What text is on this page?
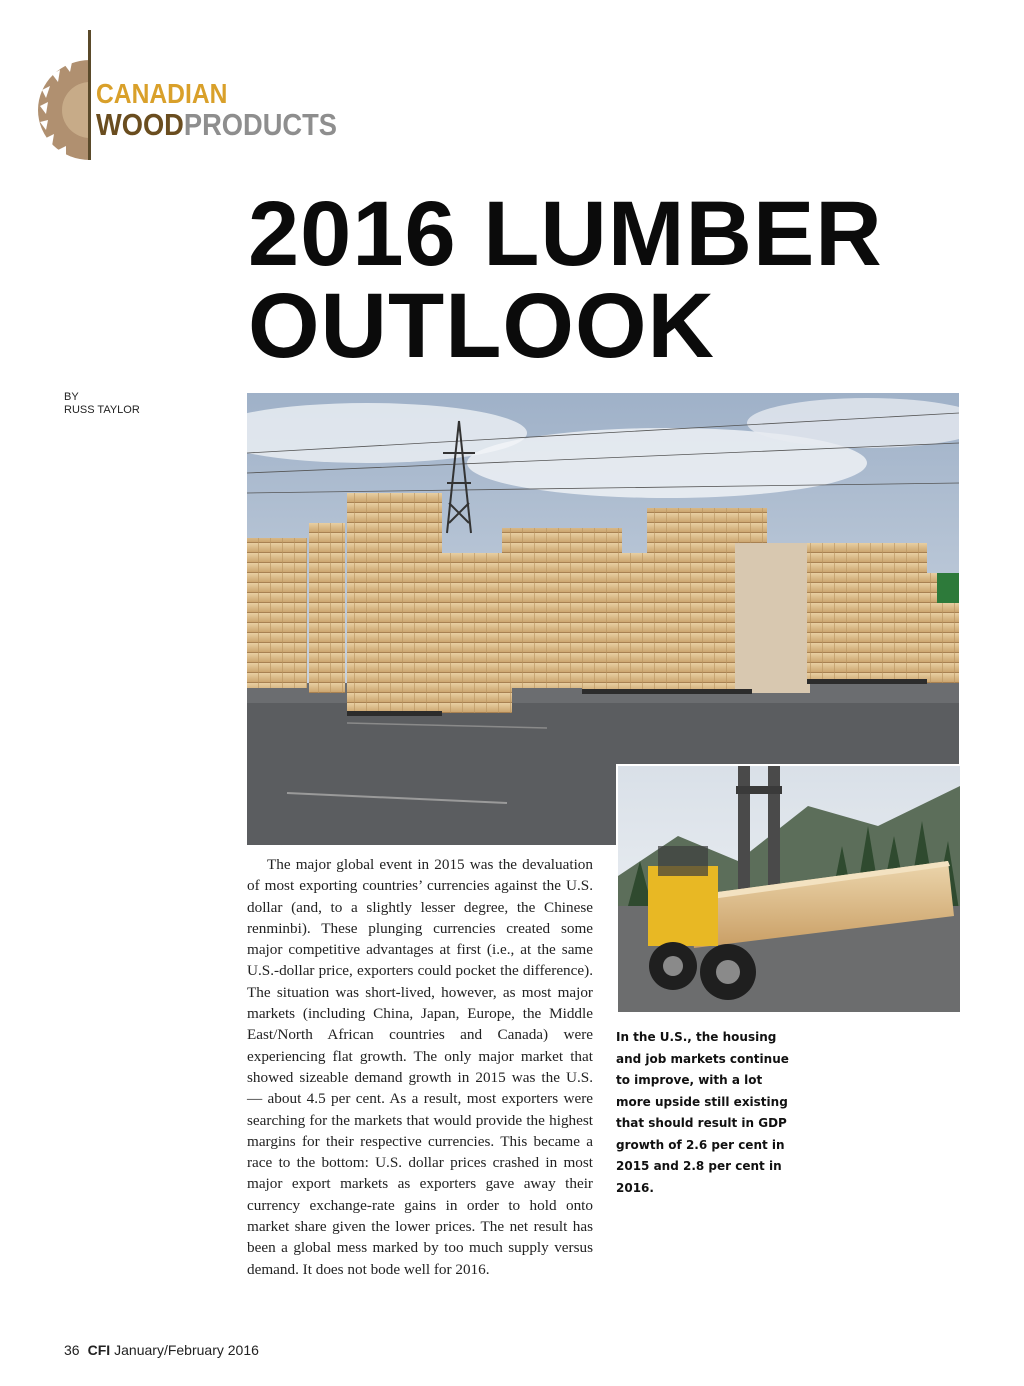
CANADIAN
WOODPRODUCTS
2016 LUMBER
OUTLOOK
BY
RUSS TAYLOR
The major global event in 2015 was the devaluation of most exporting countries’ currencies against the U.S. dollar (and, to a slightly lesser degree, the Chinese renminbi). These plunging currencies created some major competitive advantages at first (i.e., at the same U.S.-dollar price, exporters could pocket the difference). The situation was short-lived, however, as most major markets (including China, Japan, Europe, the Middle East/North African countries and Canada) were experiencing flat growth. The only major market that showed sizeable demand growth in 2015 was the U.S. — about 4.5 per cent. As a result, most exporters were searching for the markets that would provide the highest margins for their respective currencies. This became a race to the bottom: U.S. dollar prices crashed in most major export markets as exporters gave away their currency exchange-rate gains in order to hold onto market share given the lower prices. The net result has been a global mess marked by too much supply versus demand. It does not bode well for 2016.
In the U.S., the housing
and job markets continue
to improve, with a lot
more upside still existing
that should result in GDP
growth of 2.6 per cent in
2015 and 2.8 per cent in
2016.
36 CFI January/February 2016
